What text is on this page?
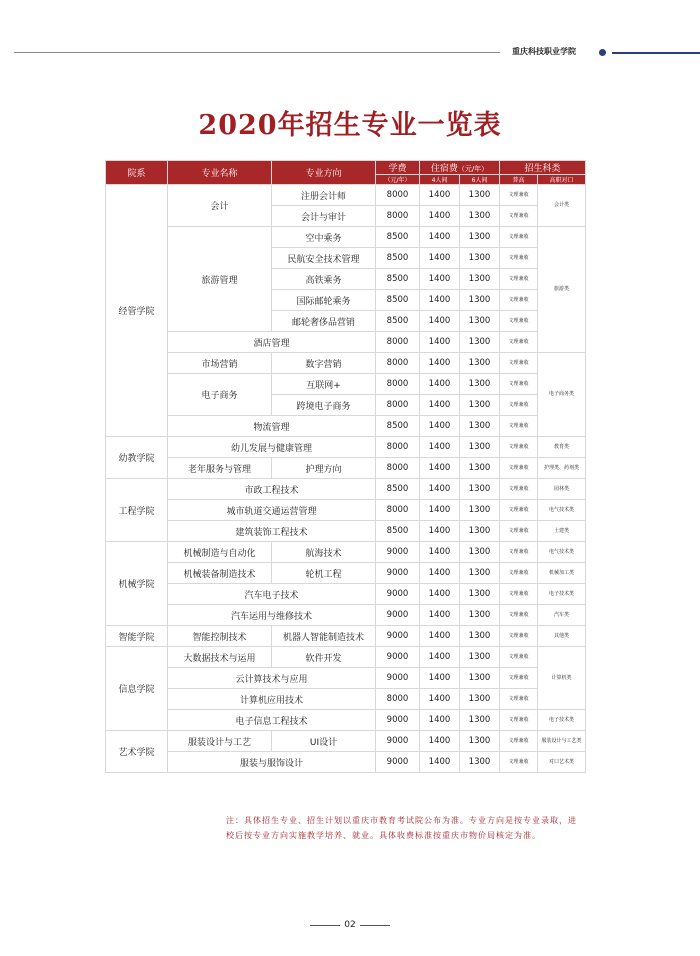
重庆科技职业学院
2020年招生专业一览表
院系	专业名称	专业方向	学费	住宿费（元/年）		招生科类	
			（元/年）	4人间	6人间	普高	高职对口
经管学院	会计	注册会计师	8000	1400	1300	文理兼收	会计类
		会计与审计	8000	1400	1300	文理兼收	
	旅游管理	空中乘务	8500	1400	1300	文理兼收	旅游类
		民航安全技术管理	8500	1400	1300	文理兼收	
		高铁乘务	8500	1400	1300	文理兼收	
		国际邮轮乘务	8500	1400	1300	文理兼收	
		邮轮奢侈品营销	8500	1400	1300	文理兼收	
	酒店管理		8000	1400	1300	文理兼收	
	市场营销	数字营销	8000	1400	1300	文理兼收	电子商务类
	电子商务	互联网+	8000	1400	1300	文理兼收	
		跨境电子商务	8000	1400	1300	文理兼收	
	物流管理		8500	1400	1300	文理兼收	
幼教学院	幼儿发展与健康管理		8000	1400	1300	文理兼收	教育类
	老年服务与管理	护理方向	8000	1400	1300	文理兼收	护理类、药剂类
工程学院	市政工程技术		8500	1400	1300	文理兼收	园林类
	城市轨道交通运营管理		8000	1400	1300	文理兼收	电气技术类
	建筑装饰工程技术		8500	1400	1300	文理兼收	土建类
机械学院	机械制造与自动化	航海技术	9000	1400	1300	文理兼收	电气技术类
	机械装备制造技术	轮机工程	9000	1400	1300	文理兼收	机械加工类
	汽车电子技术		9000	1400	1300	文理兼收	电子技术类
	汽车运用与维修技术		9000	1400	1300	文理兼收	汽车类
智能学院	智能控制技术	机器人智能制造技术	9000	1400	1300	文理兼收	其他类
信息学院	大数据技术与运用	软件开发	9000	1400	1300	文理兼收	计算机类
	云计算技术与应用		9000	1400	1300	文理兼收	
	计算机应用技术		8000	1400	1300	文理兼收	
	电子信息工程技术		9000	1400	1300	文理兼收	电子技术类
艺术学院	服装设计与工艺	UI设计	9000	1400	1300	文理兼收	服装设计与工艺类
	服装与服饰设计		9000	1400	1300	文理兼收	对口艺术类
注：具体招生专业、招生计划以重庆市教育考试院公布为准。专业方向是按专业录取，进校后按专业方向实施教学培养、就业。具体收费标准按重庆市物价局核定为准。
02
